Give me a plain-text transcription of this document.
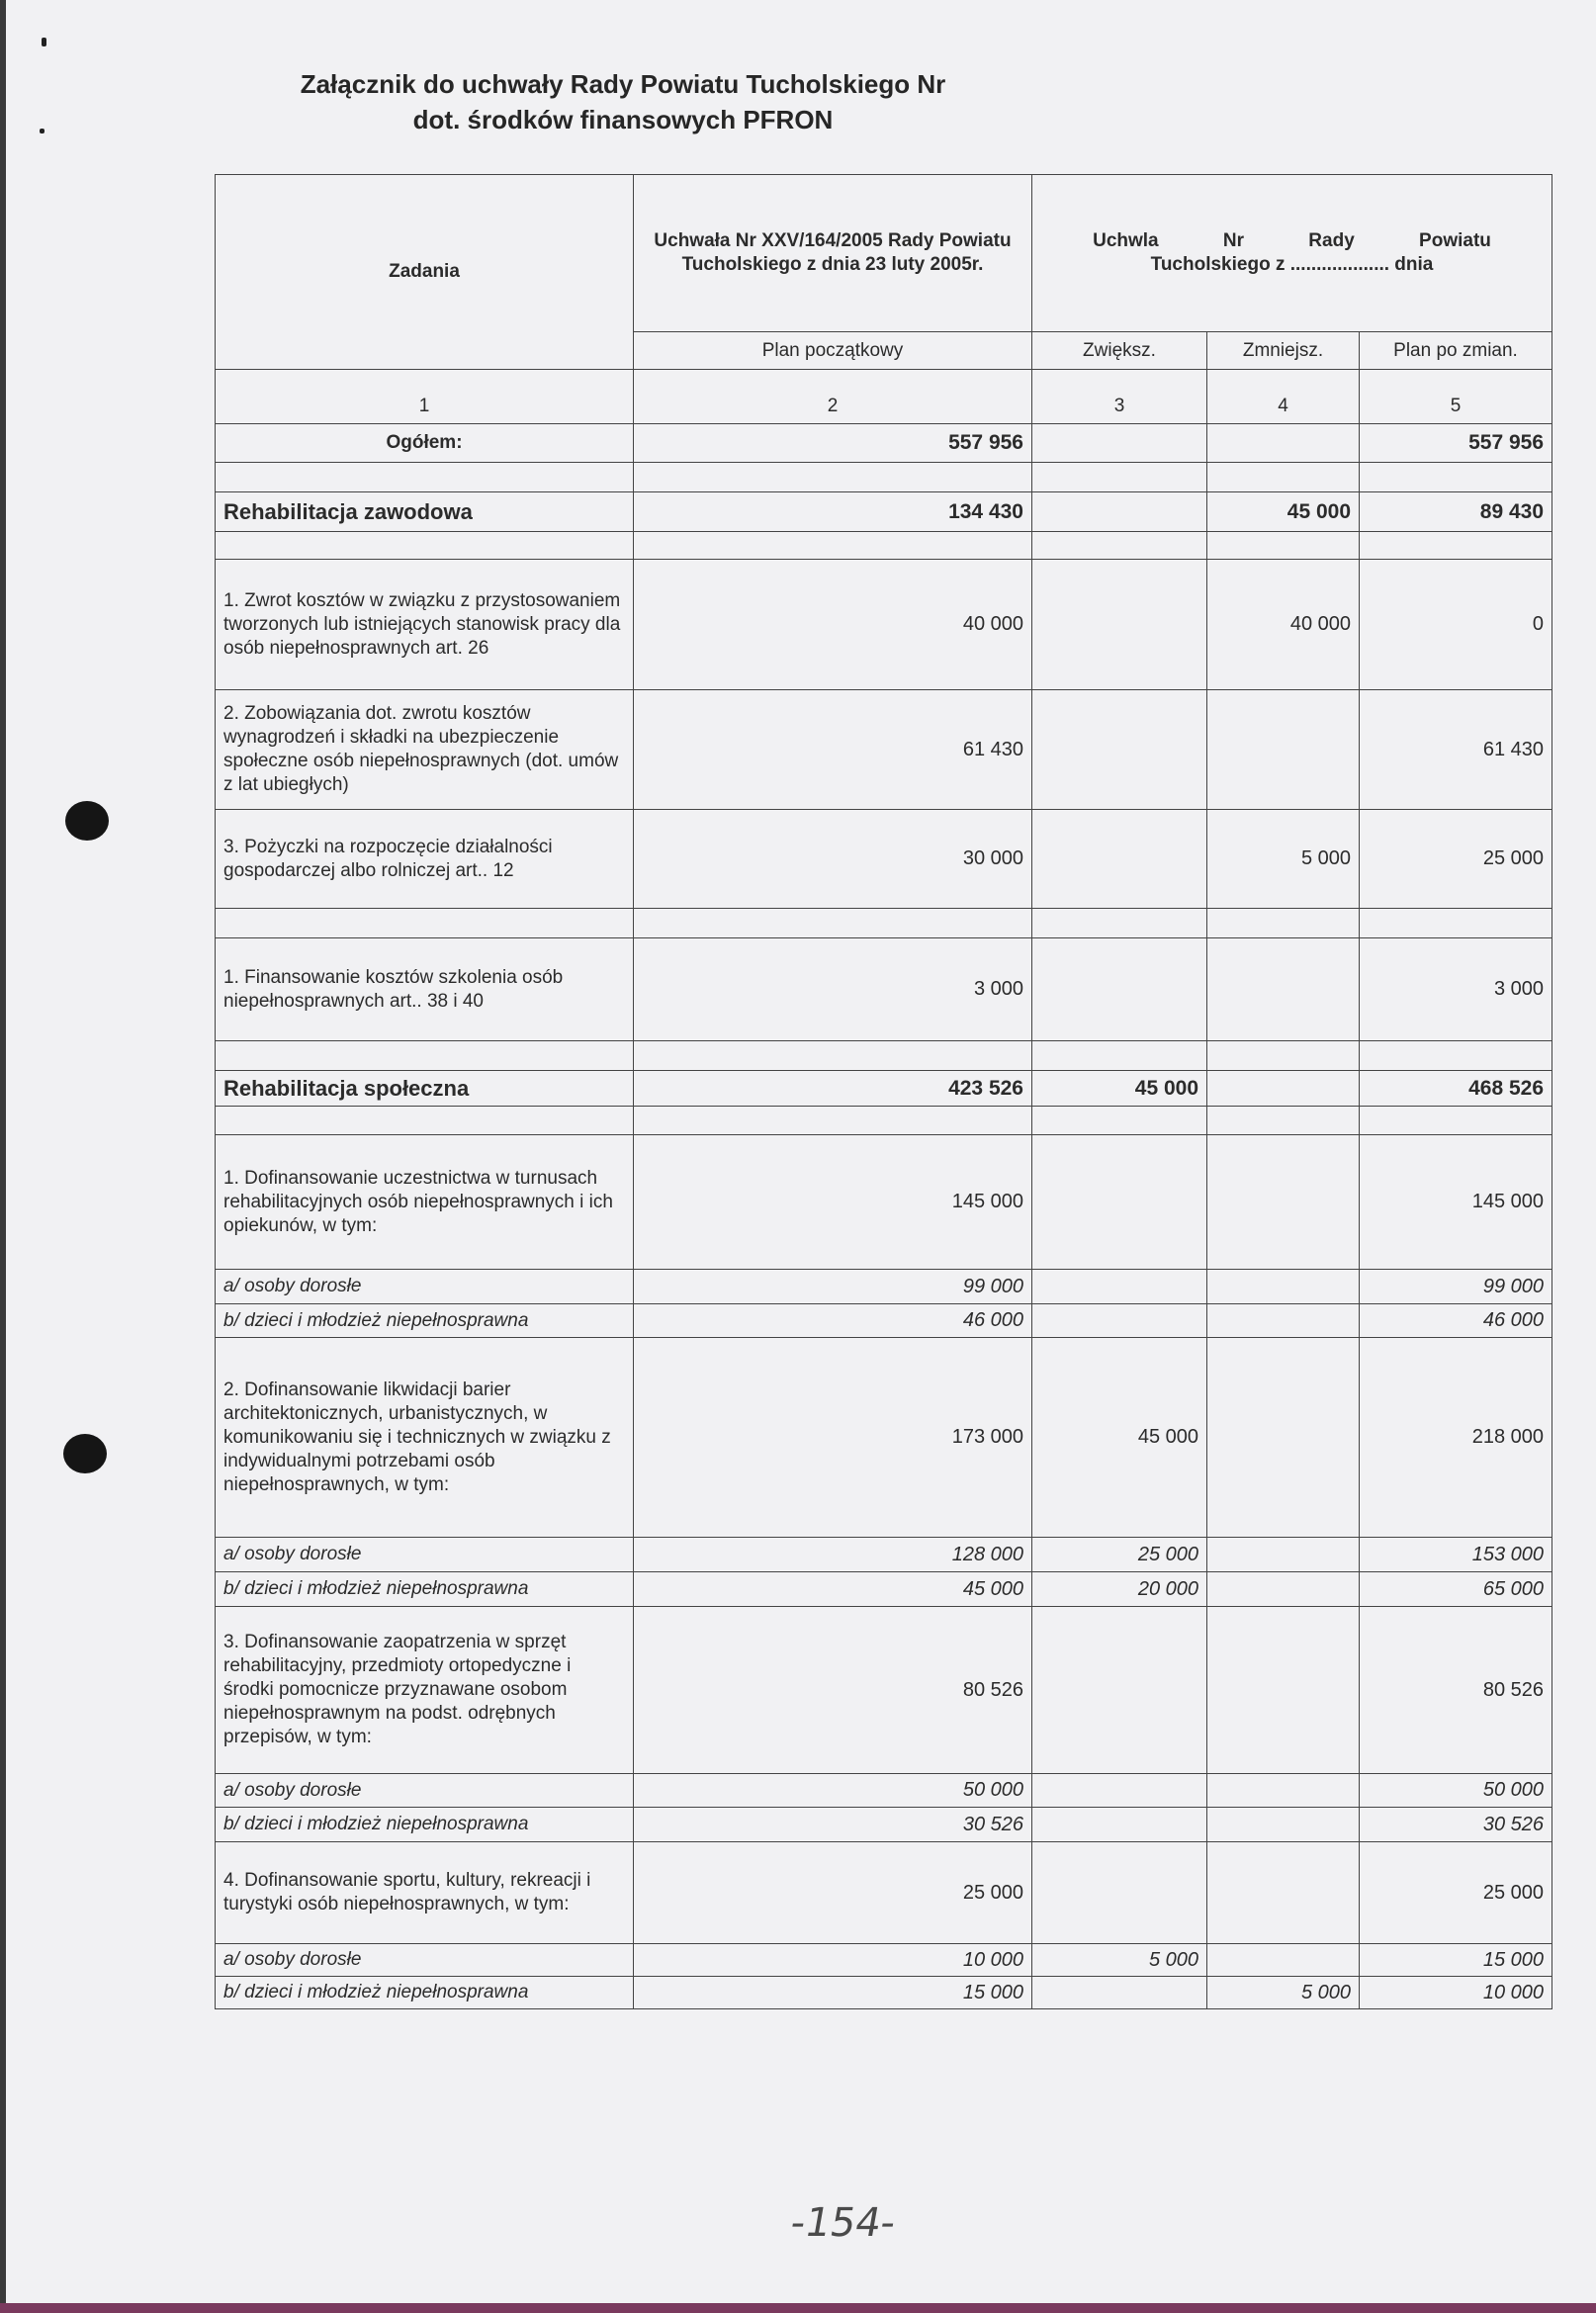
Załącznik do uchwały Rady Powiatu Tucholskiego Nr
dot. środków finansowych PFRON
Zadania	Uchwała Nr XXV/164/2005 Rady Powiatu Tucholskiego z dnia 23 luty 2005r.	Uchwla Nr Rady Powiatu
Tucholskiego z ................... dnia		

	Plan początkowy	Zwiększ.	Zmniejsz.	Plan po zmian.
1	2	3	4	5
Ogółem:	557 956			557 956

Rehabilitacja zawodowa	134 430		45 000	89 430

1. Zwrot kosztów w związku z przystosowaniem tworzonych lub istniejących stanowisk pracy dla osób niepełnosprawnych art. 26	40 000		40 000	0
2. Zobowiązania dot. zwrotu kosztów wynagrodzeń i składki na ubezpieczenie społeczne osób niepełnosprawnych (dot. umów z lat ubiegłych)	61 430			61 430
3. Pożyczki na rozpoczęcie działalności gospodarczej albo rolniczej art.. 12	30 000		5 000	25 000

1. Finansowanie kosztów szkolenia osób niepełnosprawnych art.. 38 i 40	3 000			3 000

Rehabilitacja społeczna	423 526	45 000		468 526

1. Dofinansowanie uczestnictwa w turnusach rehabilitacyjnych osób niepełnosprawnych i ich opiekunów, w tym:	145 000			145 000
a/ osoby dorosłe	99 000			99 000
b/ dzieci i młodzież niepełnosprawna	46 000			46 000
2. Dofinansowanie likwidacji barier architektonicznych, urbanistycznych, w komunikowaniu się i technicznych w związku z indywidualnymi potrzebami osób niepełnosprawnych, w tym:	173 000	45 000		218 000
a/ osoby dorosłe	128 000	25 000		153 000
b/ dzieci i młodzież niepełnosprawna	45 000	20 000		65 000
3. Dofinansowanie zaopatrzenia w sprzęt rehabilitacyjny, przedmioty ortopedyczne i środki pomocnicze przyznawane osobom niepełnosprawnym na podst. odrębnych przepisów, w tym:	80 526			80 526
a/ osoby dorosłe	50 000			50 000
b/ dzieci i młodzież niepełnosprawna	30 526			30 526
4. Dofinansowanie sportu, kultury, rekreacji i turystyki osób niepełnosprawnych, w tym:	25 000			25 000
a/ osoby dorosłe	10 000	5 000		15 000
b/ dzieci i młodzież niepełnosprawna	15 000		5 000	10 000
-154-
